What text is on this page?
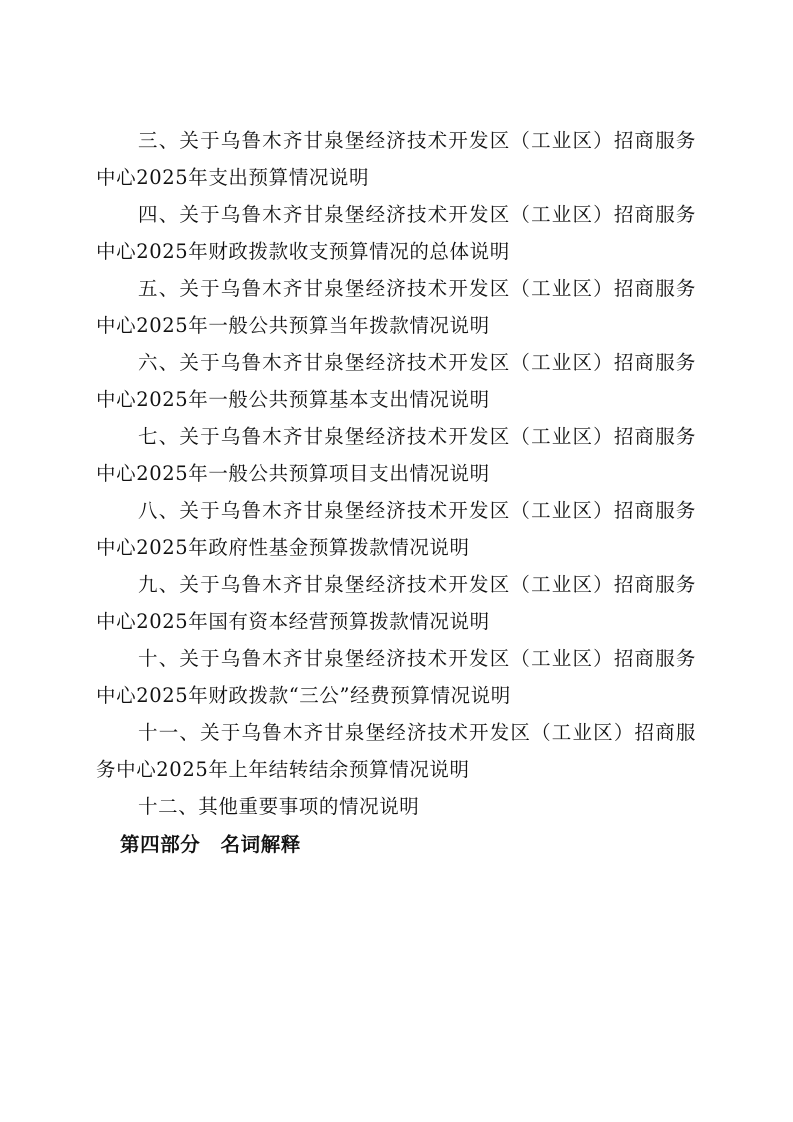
三、关于乌鲁木齐甘泉堡经济技术开发区（工业区）招商服务中心2025年支出预算情况说明

四、关于乌鲁木齐甘泉堡经济技术开发区（工业区）招商服务中心2025年财政拨款收支预算情况的总体说明

五、关于乌鲁木齐甘泉堡经济技术开发区（工业区）招商服务中心2025年一般公共预算当年拨款情况说明

六、关于乌鲁木齐甘泉堡经济技术开发区（工业区）招商服务中心2025年一般公共预算基本支出情况说明

七、关于乌鲁木齐甘泉堡经济技术开发区（工业区）招商服务中心2025年一般公共预算项目支出情况说明

八、关于乌鲁木齐甘泉堡经济技术开发区（工业区）招商服务中心2025年政府性基金预算拨款情况说明

九、关于乌鲁木齐甘泉堡经济技术开发区（工业区）招商服务中心2025年国有资本经营预算拨款情况说明

十、关于乌鲁木齐甘泉堡经济技术开发区（工业区）招商服务中心2025年财政拨款“三公”经费预算情况说明

十一、关于乌鲁木齐甘泉堡经济技术开发区（工业区）招商服务中心2025年上年结转结余预算情况说明

十二、其他重要事项的情况说明

第四部分　名词解释
